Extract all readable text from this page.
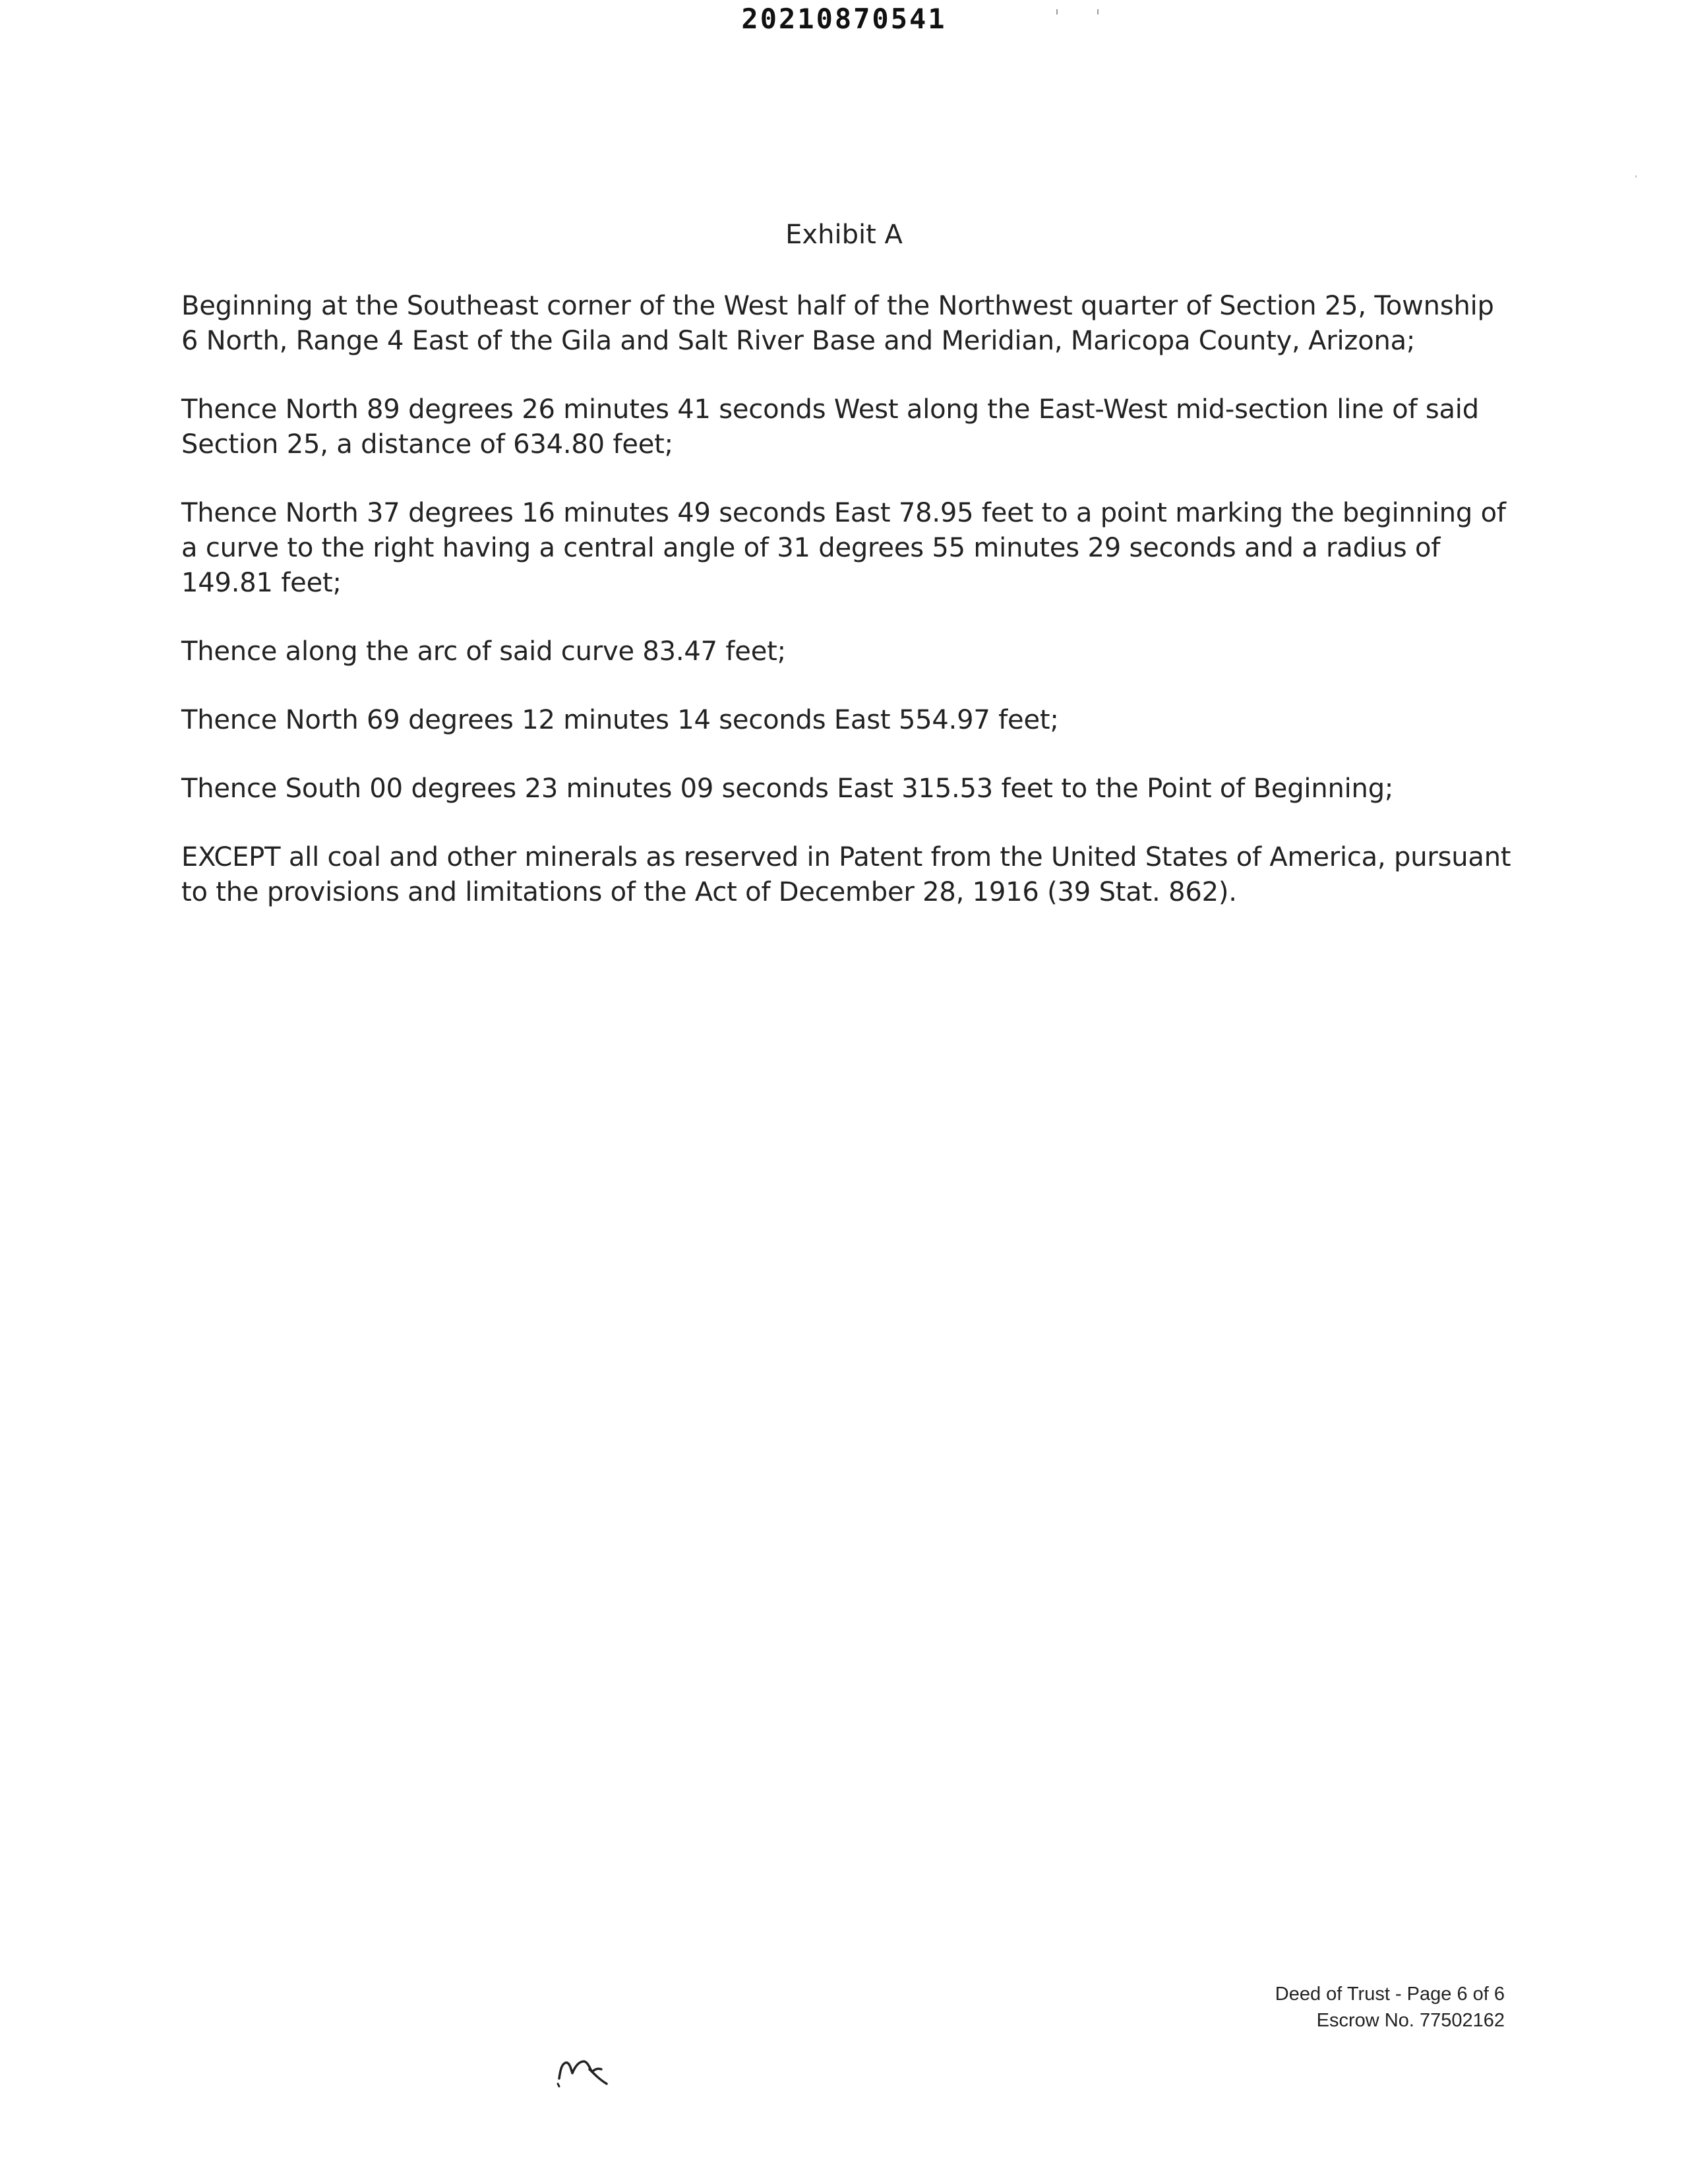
20210870541
Exhibit A

Beginning at the Southeast corner of the West half of the Northwest quarter of Section 25, Township 6 North, Range 4 East of the Gila and Salt River Base and Meridian, Maricopa County, Arizona;

Thence North 89 degrees 26 minutes 41 seconds West along the East-West mid-section line of said Section 25, a distance of 634.80 feet;

Thence North 37 degrees 16 minutes 49 seconds East 78.95 feet to a point marking the beginning of a curve to the right having a central angle of 31 degrees 55 minutes 29 seconds and a radius of 149.81 feet;

Thence along the arc of said curve 83.47 feet;

Thence North 69 degrees 12 minutes 14 seconds East 554.97 feet;

Thence South 00 degrees 23 minutes 09 seconds East 315.53 feet to the Point of Beginning;

EXCEPT all coal and other minerals as reserved in Patent from the United States of America, pursuant to the provisions and limitations of the Act of December 28, 1916 (39 Stat. 862).

Deed of Trust - Page 6 of 6
Escrow No. 77502162
